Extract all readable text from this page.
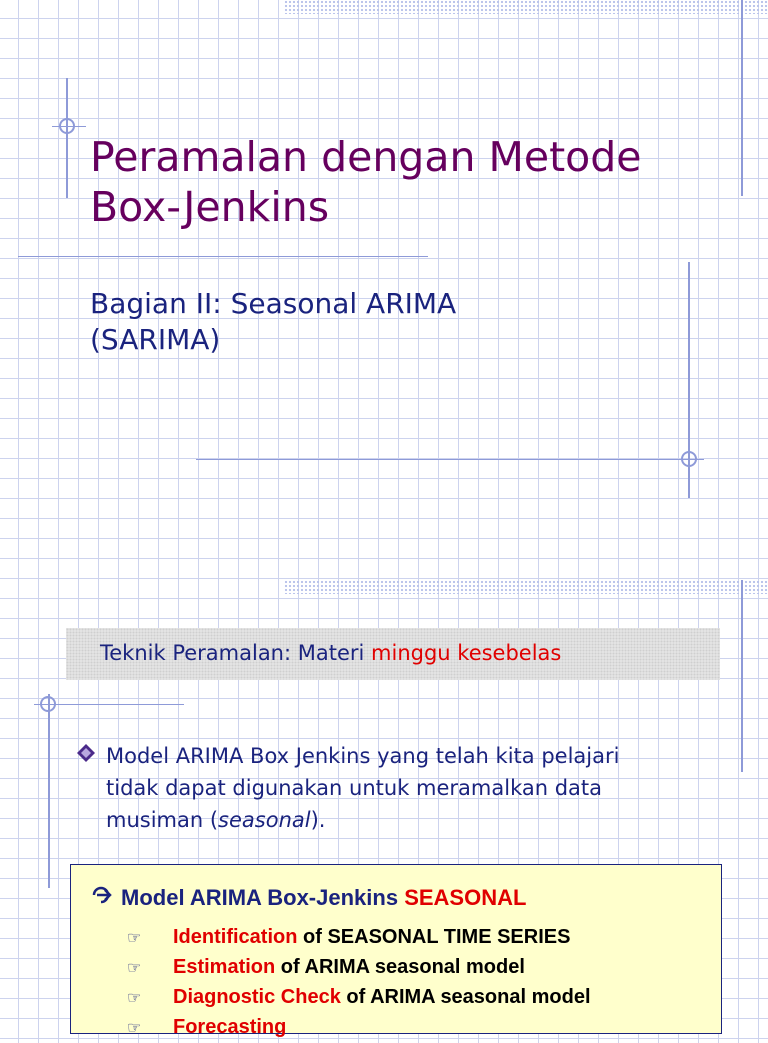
Peramalan dengan Metode
Box-Jenkins

Bagian II: Seasonal ARIMA
(SARIMA)

Teknik Peramalan: Materi minggu kesebelas
Model ARIMA Box Jenkins yang telah kita pelajari tidak dapat digunakan untuk meramalkan data musiman (seasonal).
Model ARIMA Box-Jenkins SEASONAL
☞ Identification of SEASONAL TIME SERIES
☞ Estimation of ARIMA seasonal model
☞ Diagnostic Check of ARIMA seasonal model
☞ Forecasting
